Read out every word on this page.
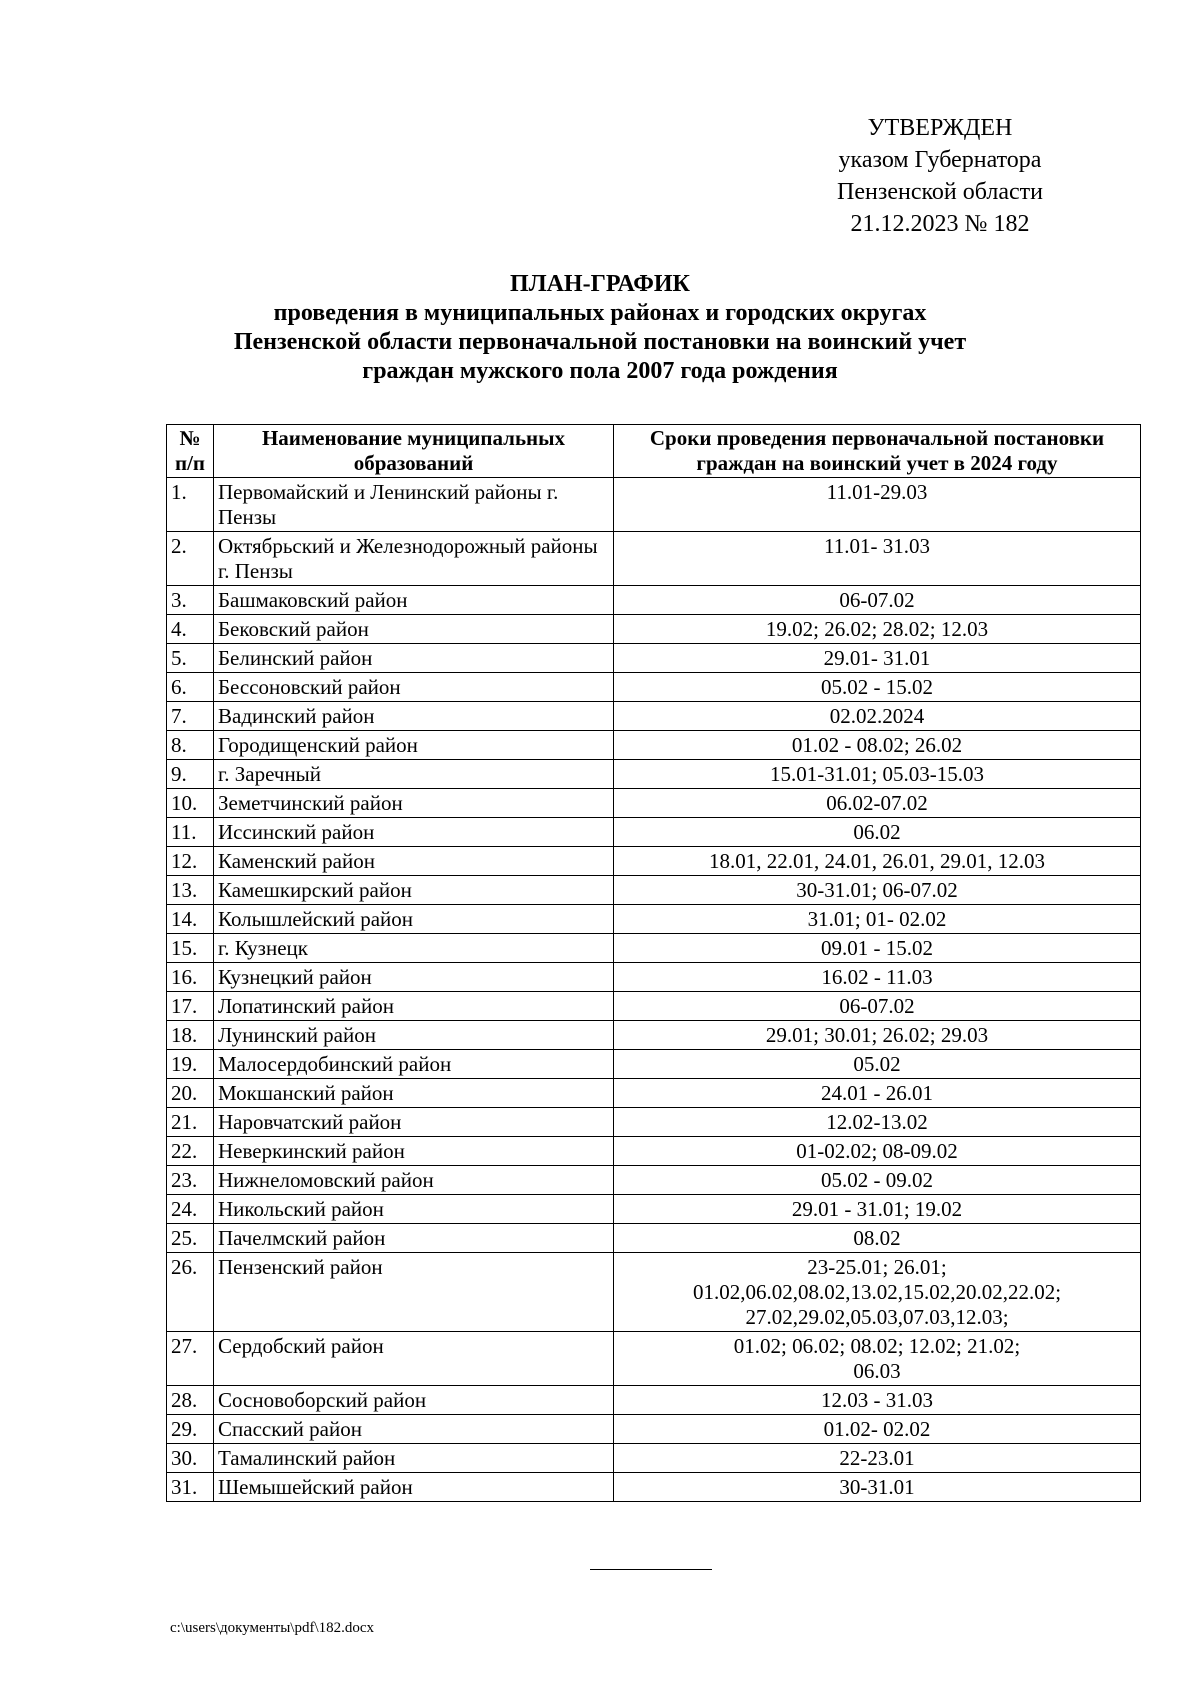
УТВЕРЖДЕН
указом Губернатора
Пензенской области
21.12.2023 № 182
ПЛАН-ГРАФИК
проведения в муниципальных районах и городских округах
Пензенской области первоначальной постановки на воинский учет
граждан мужского пола 2007 года рождения
№ п/п	Наименование муниципальных образований	Сроки проведения первоначальной постановки граждан на воинский учет в 2024 году
1.	Первомайский и Ленинский районы г. Пензы	11.01-29.03
2.	Октябрьский и Железнодорожный районы г. Пензы	11.01- 31.03
3.	Башмаковский район	06-07.02
4.	Бековский район	19.02; 26.02; 28.02; 12.03
5.	Белинский район	29.01- 31.01
6.	Бессоновский район	05.02 - 15.02
7.	Вадинский район	02.02.2024
8.	Городищенский район	01.02 - 08.02; 26.02
9.	г. Заречный	15.01-31.01; 05.03-15.03
10.	Земетчинский район	06.02-07.02
11.	Иссинский район	06.02
12.	Каменский район	18.01, 22.01, 24.01, 26.01, 29.01, 12.03
13.	Камешкирский район	30-31.01; 06-07.02
14.	Колышлейский район	31.01; 01- 02.02
15.	г. Кузнецк	09.01 - 15.02
16.	Кузнецкий район	16.02 - 11.03
17.	Лопатинский район	06-07.02
18.	Лунинский район	29.01; 30.01; 26.02; 29.03
19.	Малосердобинский район	05.02
20.	Мокшанский район	24.01 - 26.01
21.	Наровчатский район	12.02-13.02
22.	Неверкинский район	01-02.02; 08-09.02
23.	Нижнеломовский район	05.02 - 09.02
24.	Никольский район	29.01 - 31.01; 19.02
25.	Пачелмский район	08.02
26.	Пензенский район	23-25.01; 26.01;
01.02,06.02,08.02,13.02,15.02,20.02,22.02;
27.02,29.02,05.03,07.03,12.03;
27.	Сердобский район	01.02; 06.02; 08.02; 12.02; 21.02;
06.03
28.	Сосновоборский район	12.03 - 31.03
29.	Спасский район	01.02- 02.02
30.	Тамалинский район	22-23.01
31.	Шемышейский район	30-31.01
c:\users\документы\pdf\182.docx
